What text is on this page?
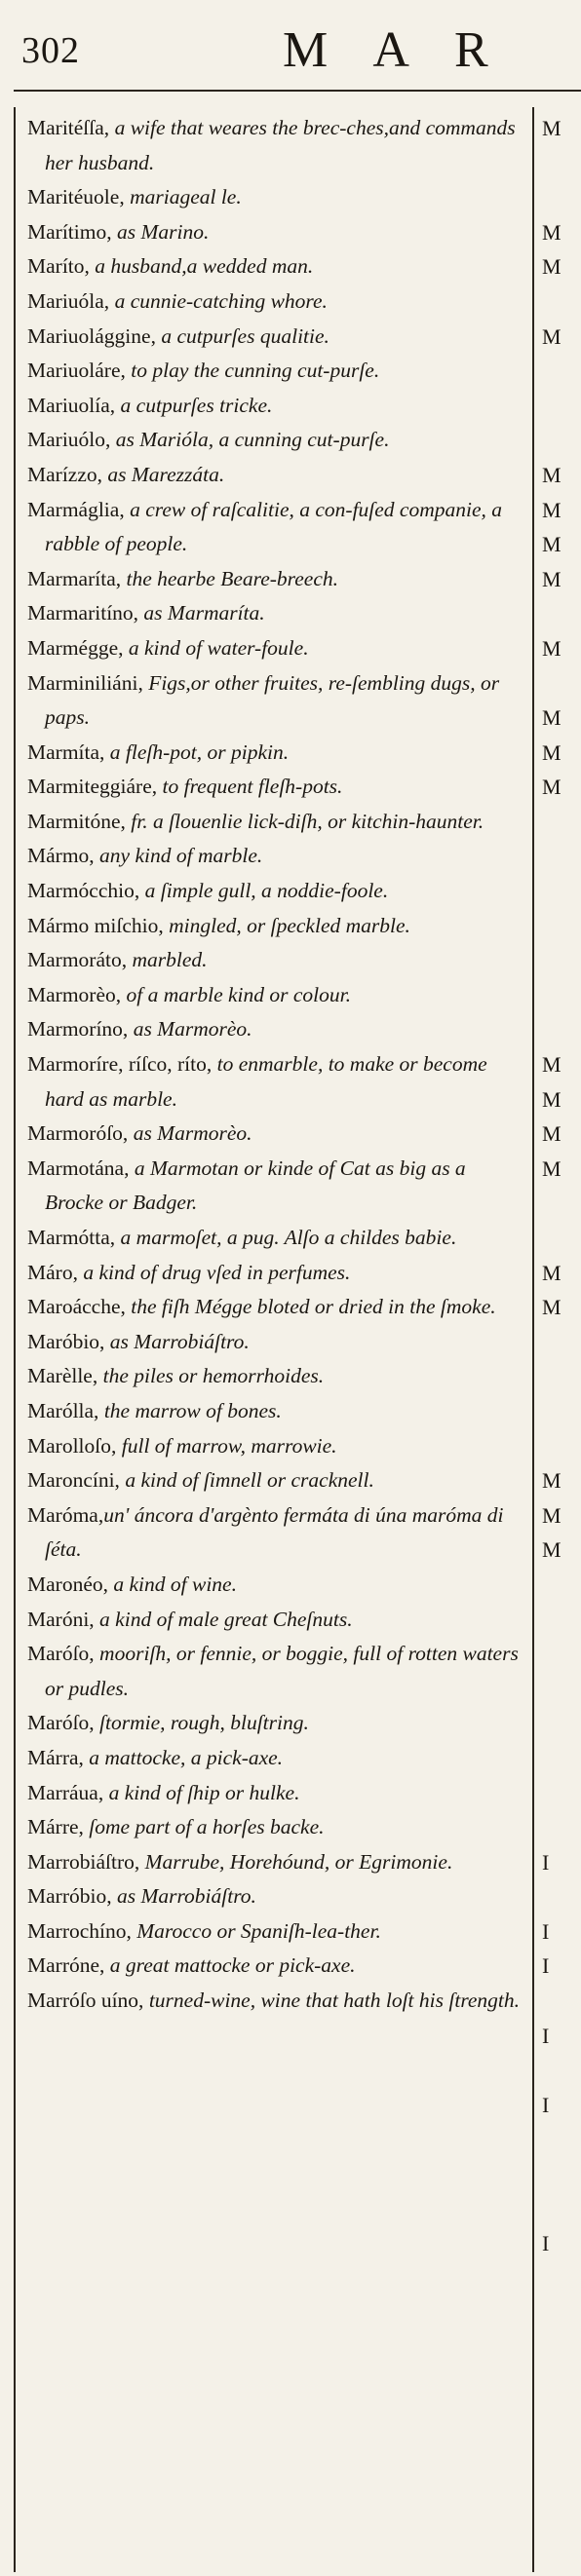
302	M A R
Maritéſſa, a wife that weares the brec-ches,and commands her husband.
Maritéuole, mariageal le.
Marítimo, as Marino.
Maríto, a husband,a wedded man.
Mariuóla, a cunnie-catching whore.
Mariuolággine, a cutpurſes qualitie.
Mariuoláre, to play the cunning cut-purſe.
Mariuolía, a cutpurſes tricke.
Mariuólo, as Marióla, a cunning cut-purſe.
Marízzo, as Marezzáta.
Marmáglia, a crew of raſcalitie, a con-fuſed companie, a rabble of people.
Marmaríta, the hearbe Beare-breech.
Marmaritíno, as Marmaríta.
Marmégge, a kind of water-foule.
Marminiliáni, Figs,or other fruites, re-ſembling dugs, or paps.
Marmíta, a fleſh-pot, or pipkin.
Marmiteggiáre, to frequent fleſh-pots.
Marmitóne, fr. a ſlouenlie lick-diſh, or kitchin-haunter.
Mármo, any kind of marble.
Marmócchio, a ſimple gull, a noddie-foole.
Mármo miſchio, mingled, or ſpeckled marble.
Marmoráto, marbled.
Marmorèo, of a marble kind or colour.
Marmoríno, as Marmorèo.
Marmoríre, ríſco, ríto, to enmarble, to make or become hard as marble.
Marmoróſo, as Marmorèo.
Marmotána, a Marmotan or kinde of Cat as big as a Brocke or Badger.
Marmótta, a marmoſet, a pug. Alſo a childes babie.
Máro, a kind of drug vſed in perfumes.
Maroácche, the fiſh Mégge bloted or dried in the ſmoke.
Maróbio, as Marrobiáſtro.
Marèlle, the piles or hemorrhoides.
Marólla, the marrow of bones.
Marolloſo, full of marrow, marrowie.
Maroncíni, a kind of ſimnell or cracknell.
Maróma,un' áncora d'argènto fermáta di úna maróma di ſéta.
Maronéo, a kind of wine.
Maróni, a kind of male great Cheſnuts.
Maróſo, mooriſh, or fennie, or boggie, full of rotten waters or pudles.
Maróſo, ſtormie, rough, bluſtring.
Márra, a mattocke, a pick-axe.
Marráua, a kind of ſhip or hulke.
Márre, ſome part of a horſes backe.
Marrobiáſtro, Marrube, Horehóund, or Egrimonie.
Marróbio, as Marrobiáſtro.
Marrochíno, Marocco or Spaniſh-lea-ther.
Marróne, a great mattocke or pick-axe.
Marróſo uíno, turned-wine, wine that hath loſt his ſtrength.
M
M
M
M
M
M
M
M
M
M
M
M
M
M
M
M
M
M
M
M
M
I
I
I
I
I
I
